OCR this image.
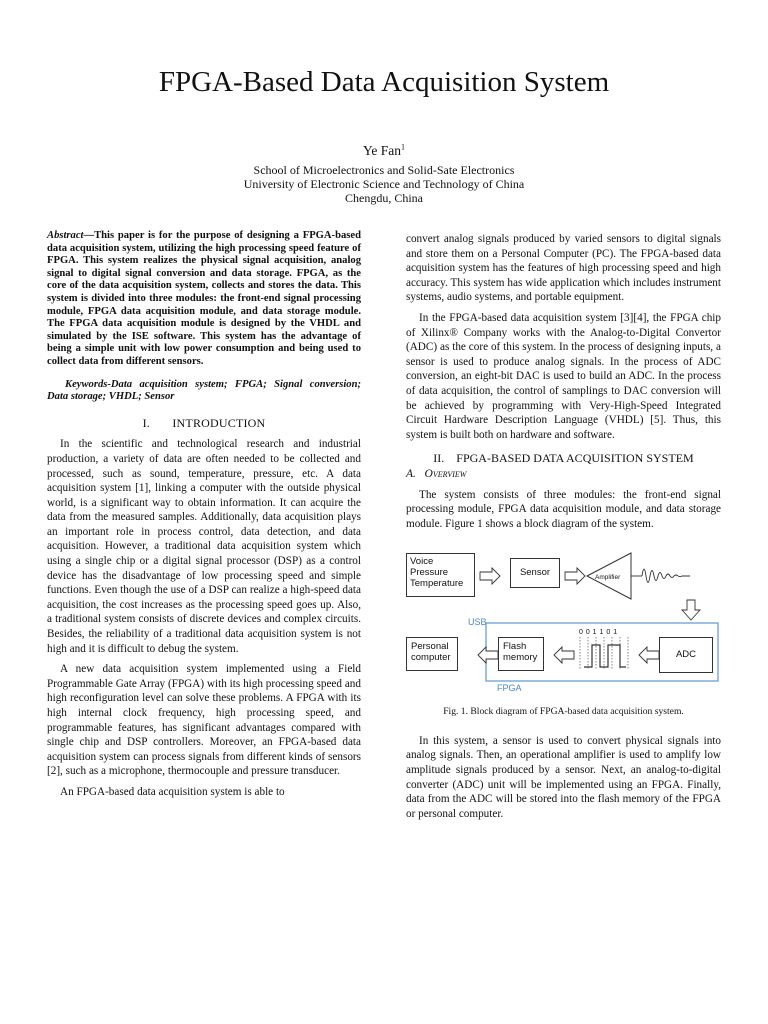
FPGA-Based Data Acquisition System
Ye Fan$^1$
School of Microelectronics and Solid-Sate Electronics
University of Electronic Science and Technology of China
Chengdu, China

Abstract—This paper is for the purpose of designing a FPGA-based data acquisition system, utilizing the high processing speed feature of FPGA. This system realizes the physical signal acquisition, analog signal to digital signal conversion and data storage. FPGA, as the core of the data acquisition system, collects and stores the data. This system is divided into three modules: the front-end signal processing module, FPGA data acquisition module, and data storage module. The FPGA data acquisition module is designed by the VHDL and simulated by the ISE software. This system has the advantage of being a simple unit with low power consumption and being used to collect data from different sensors.

Keywords-Data acquisition system; FPGA; Signal conversion; Data storage; VHDL; Sensor

I.       INTRODUCTION

In the scientific and technological research and industrial production, a variety of data are often needed to be collected and processed, such as sound, temperature, pressure, etc. A data acquisition system [1], linking a computer with the outside physical world, is a significant way to obtain information. It can acquire the data from the measured samples. Additionally, data acquisition plays an important role in process control, data detection, and data acquisition. However, a traditional data acquisition system which using a single chip or a digital signal processor (DSP) as a control device has the disadvantage of low processing speed and simple functions. Even though the use of a DSP can realize a high-speed data acquisition, the cost increases as the processing speed goes up. Also, a traditional system consists of discrete devices and complex circuits. Besides, the reliability of a traditional data acquisition system is not high and it is difficult to debug the system.

A new data acquisition system implemented using a Field Programmable Gate Array (FPGA) with its high processing speed and high reconfiguration level can solve these problems. A FPGA with its high internal clock frequency, high processing speed, and programmable features, has significant advantages compared with single chip and DSP controllers. Moreover, an FPGA-based data acquisition system can process signals from different kinds of sensors [2], such as a microphone, thermocouple and pressure transducer.

An FPGA-based data acquisition system is able to

convert analog signals produced by varied sensors to digital signals and store them on a Personal Computer (PC). The FPGA-based data acquisition system has the features of high processing speed and high accuracy. This system has wide application which includes instrument systems, audio systems, and portable equipment.

In the FPGA-based data acquisition system [3][4], the FPGA chip of Xilinx® Company works with the Analog-to-Digital Convertor (ADC) as the core of this system. In the process of designing inputs, a sensor is used to produce analog signals. In the process of ADC conversion, an eight-bit DAC is used to build an ADC. In the process of data acquisition, the control of samplings to DAC conversion will be achieved by programming with Very-High-Speed Integrated Circuit Hardware Description Language (VHDL) [5]. Thus, this system is built both on hardware and software.

II.    FPGA-BASED DATA ACQUISITION SYSTEM
A. Overview

The system consists of three modules: the front-end signal processing module, FPGA data acquisition module, and data storage module. Figure 1 shows a block diagram of the system.

Voice
Pressure
Temperature
Sensor	Amplifier
USB
FPGA
0 0 1 1 0 1
Personal
computer
Flash
memory	ADC
Fig. 1. Block diagram of FPGA-based data acquisition system.

In this system, a sensor is used to convert physical signals into analog signals. Then, an operational amplifier is used to amplify low amplitude signals produced by a sensor. Next, an analog-to-digital converter (ADC) unit will be implemented using an FPGA. Finally, data from the ADC will be stored into the flash memory of the FPGA or personal computer.
